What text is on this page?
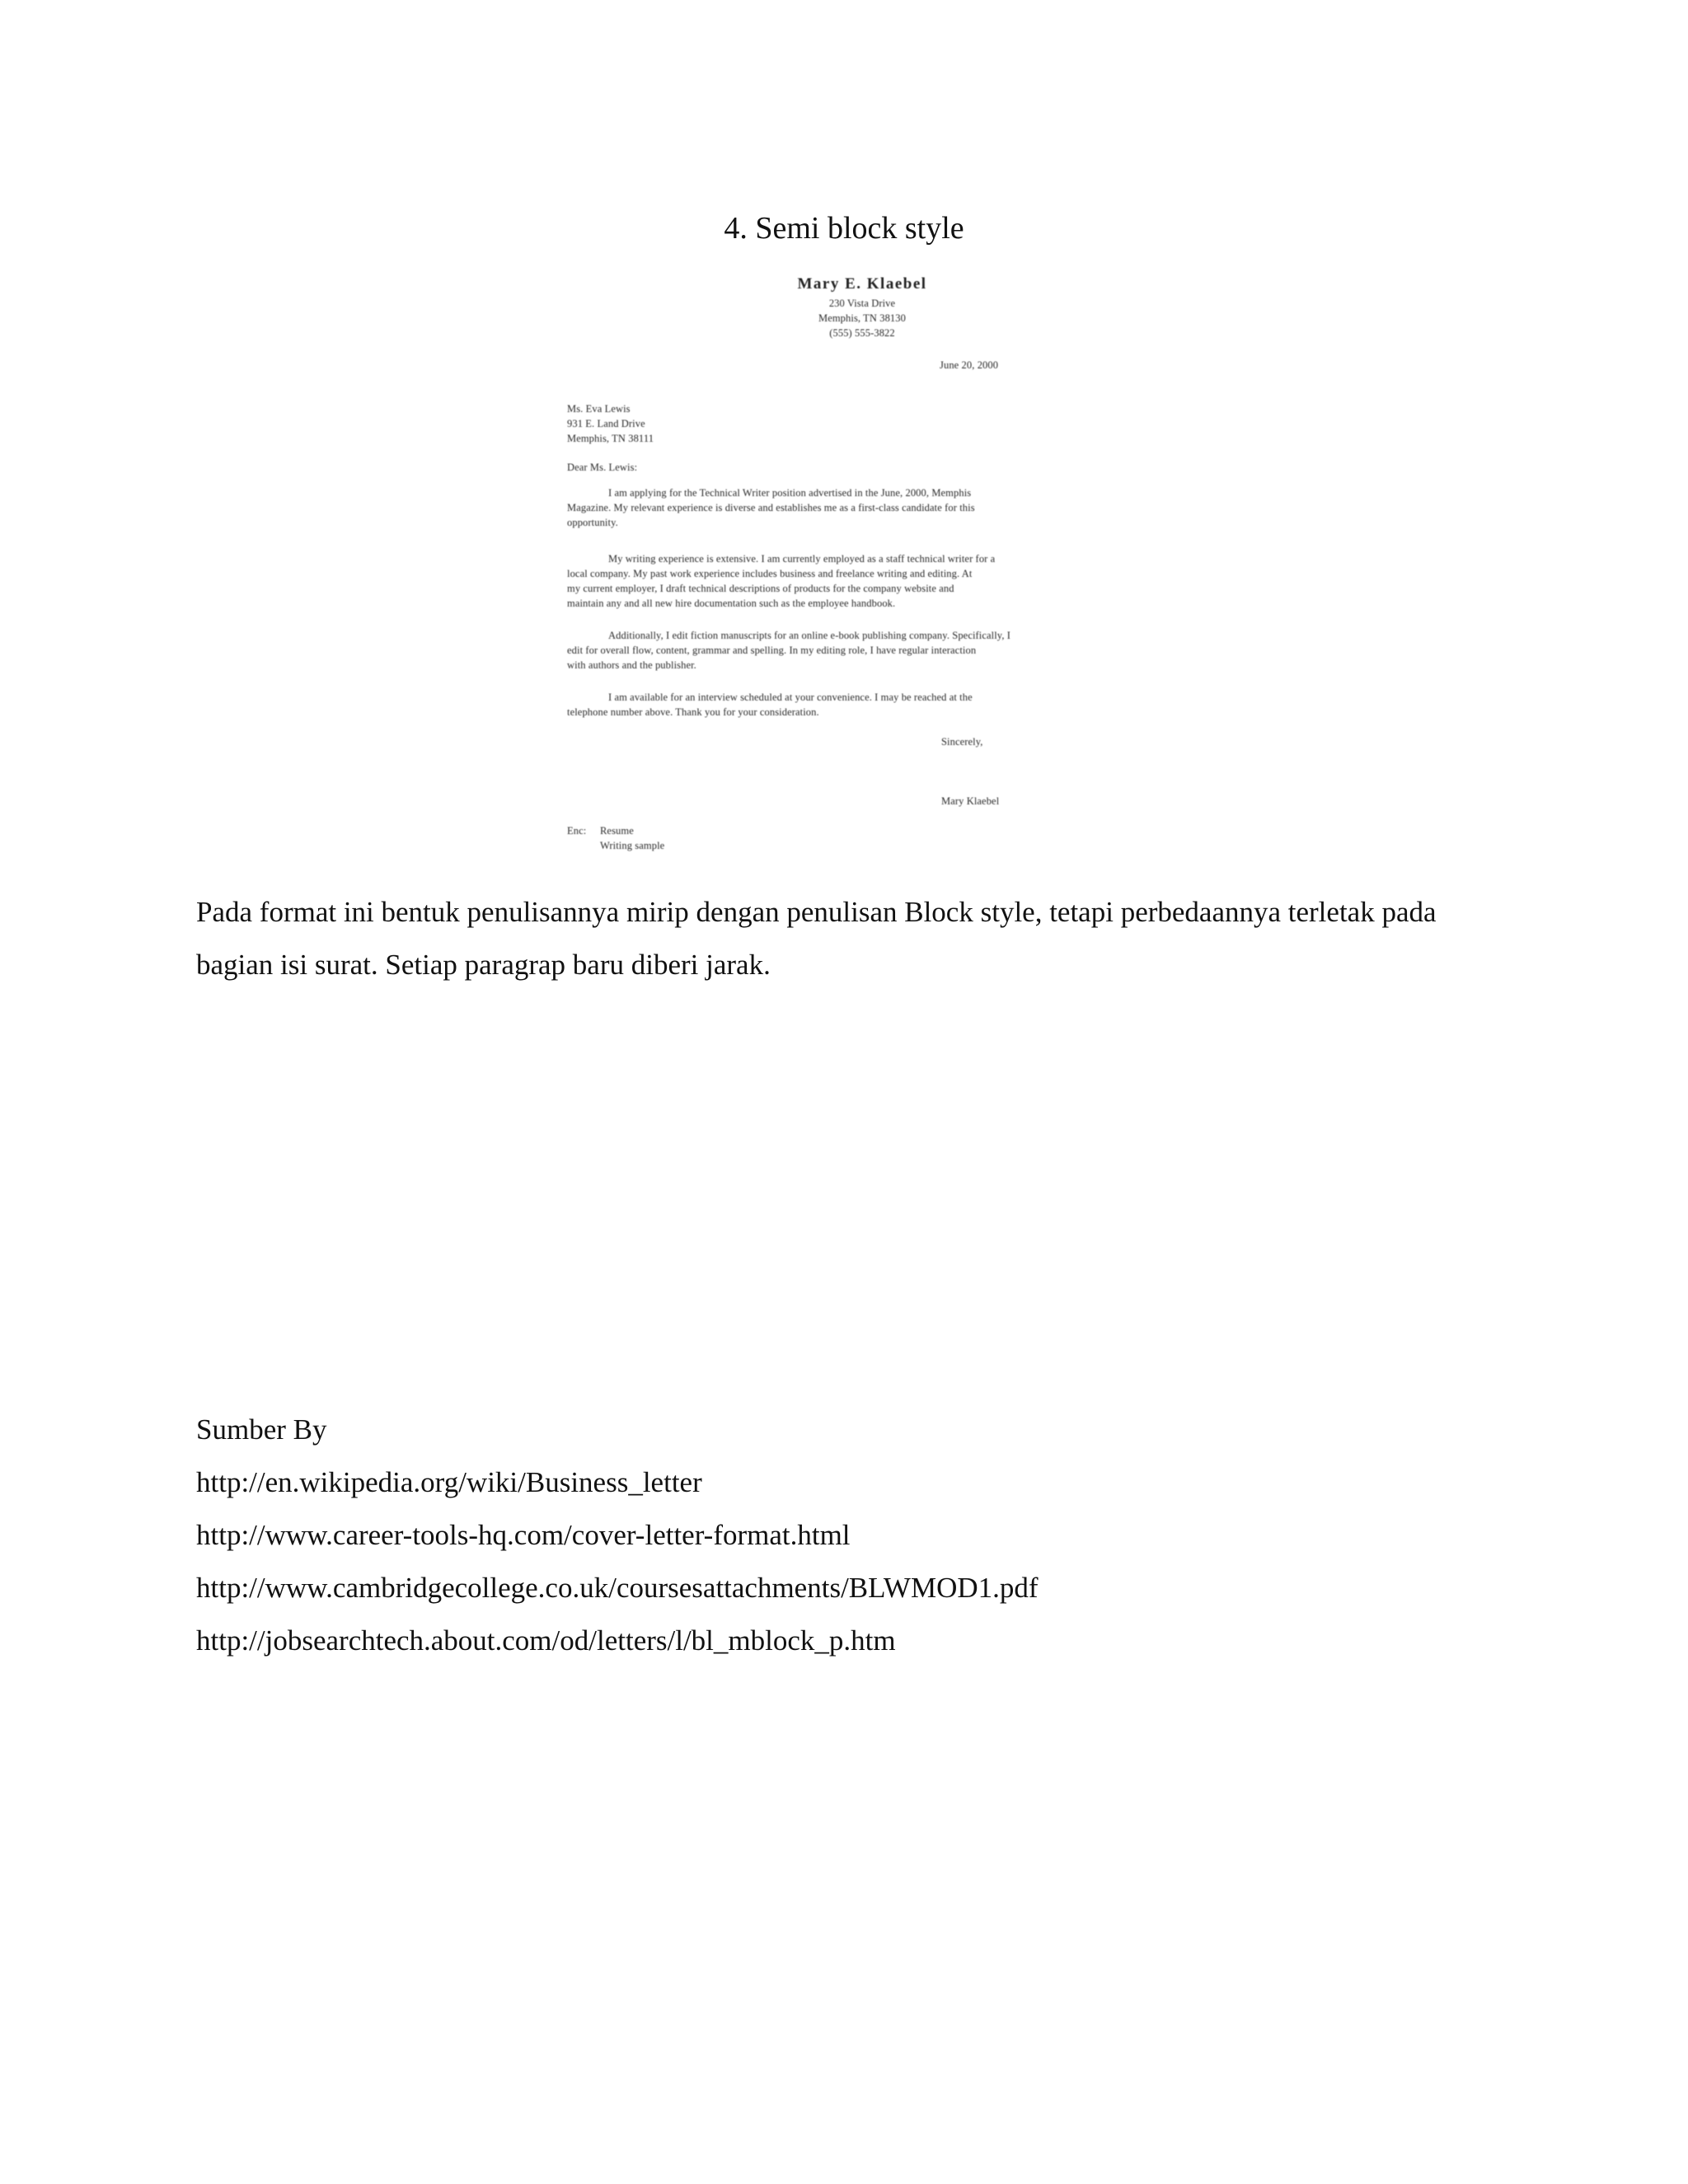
4. Semi block style
Mary E. Klaebel
230 Vista Drive
Memphis, TN 38130
(555) 555-3822
June 20, 2000
Ms. Eva Lewis
931 E. Land Drive
Memphis, TN 38111
Dear Ms. Lewis:
I am applying for the Technical Writer position advertised in the June, 2000, Memphis
Magazine. My relevant experience is diverse and establishes me as a first-class candidate for this
opportunity.
My writing experience is extensive. I am currently employed as a staff technical writer for a
local company. My past work experience includes business and freelance writing and editing. At
my current employer, I draft technical descriptions of products for the company website and
maintain any and all new hire documentation such as the employee handbook.
Additionally, I edit fiction manuscripts for an online e-book publishing company. Specifically, I
edit for overall flow, content, grammar and spelling. In my editing role, I have regular interaction
with authors and the publisher.
I am available for an interview scheduled at your convenience. I may be reached at the
telephone number above. Thank you for your consideration.
Sincerely,
Mary Klaebel
Enc: Resume
Writing sample

Pada format ini bentuk penulisannya mirip dengan penulisan Block style, tetapi perbedaannya terletak pada bagian isi surat. Setiap paragrap baru diberi jarak.

Sumber By
http://en.wikipedia.org/wiki/Business_letter
http://www.career-tools-hq.com/cover-letter-format.html
http://www.cambridgecollege.co.uk/coursesattachments/BLWMOD1.pdf
http://jobsearchtech.about.com/od/letters/l/bl_mblock_p.htm
